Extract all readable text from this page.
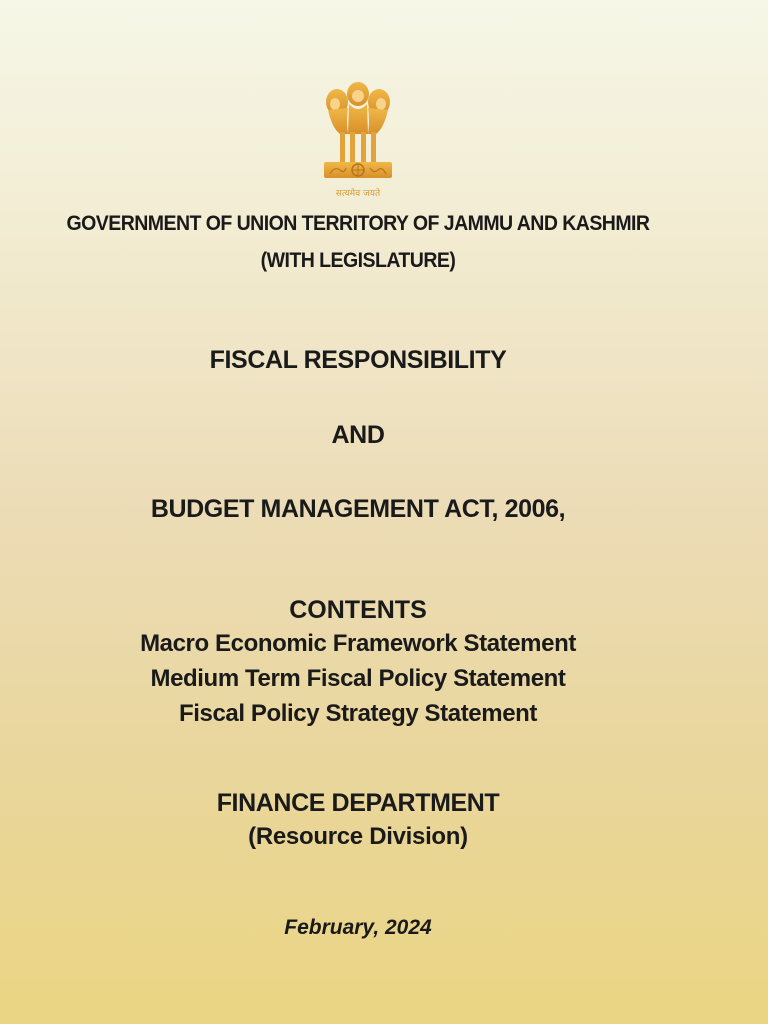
सत्यमेव जयते
GOVERNMENT OF UNION TERRITORY OF JAMMU AND KASHMIR
(WITH LEGISLATURE)
FISCAL RESPONSIBILITY
AND
BUDGET MANAGEMENT ACT, 2006,
CONTENTS
Macro Economic Framework Statement
Medium Term Fiscal Policy Statement
Fiscal Policy Strategy Statement
FINANCE DEPARTMENT
(Resource Division)
February, 2024
